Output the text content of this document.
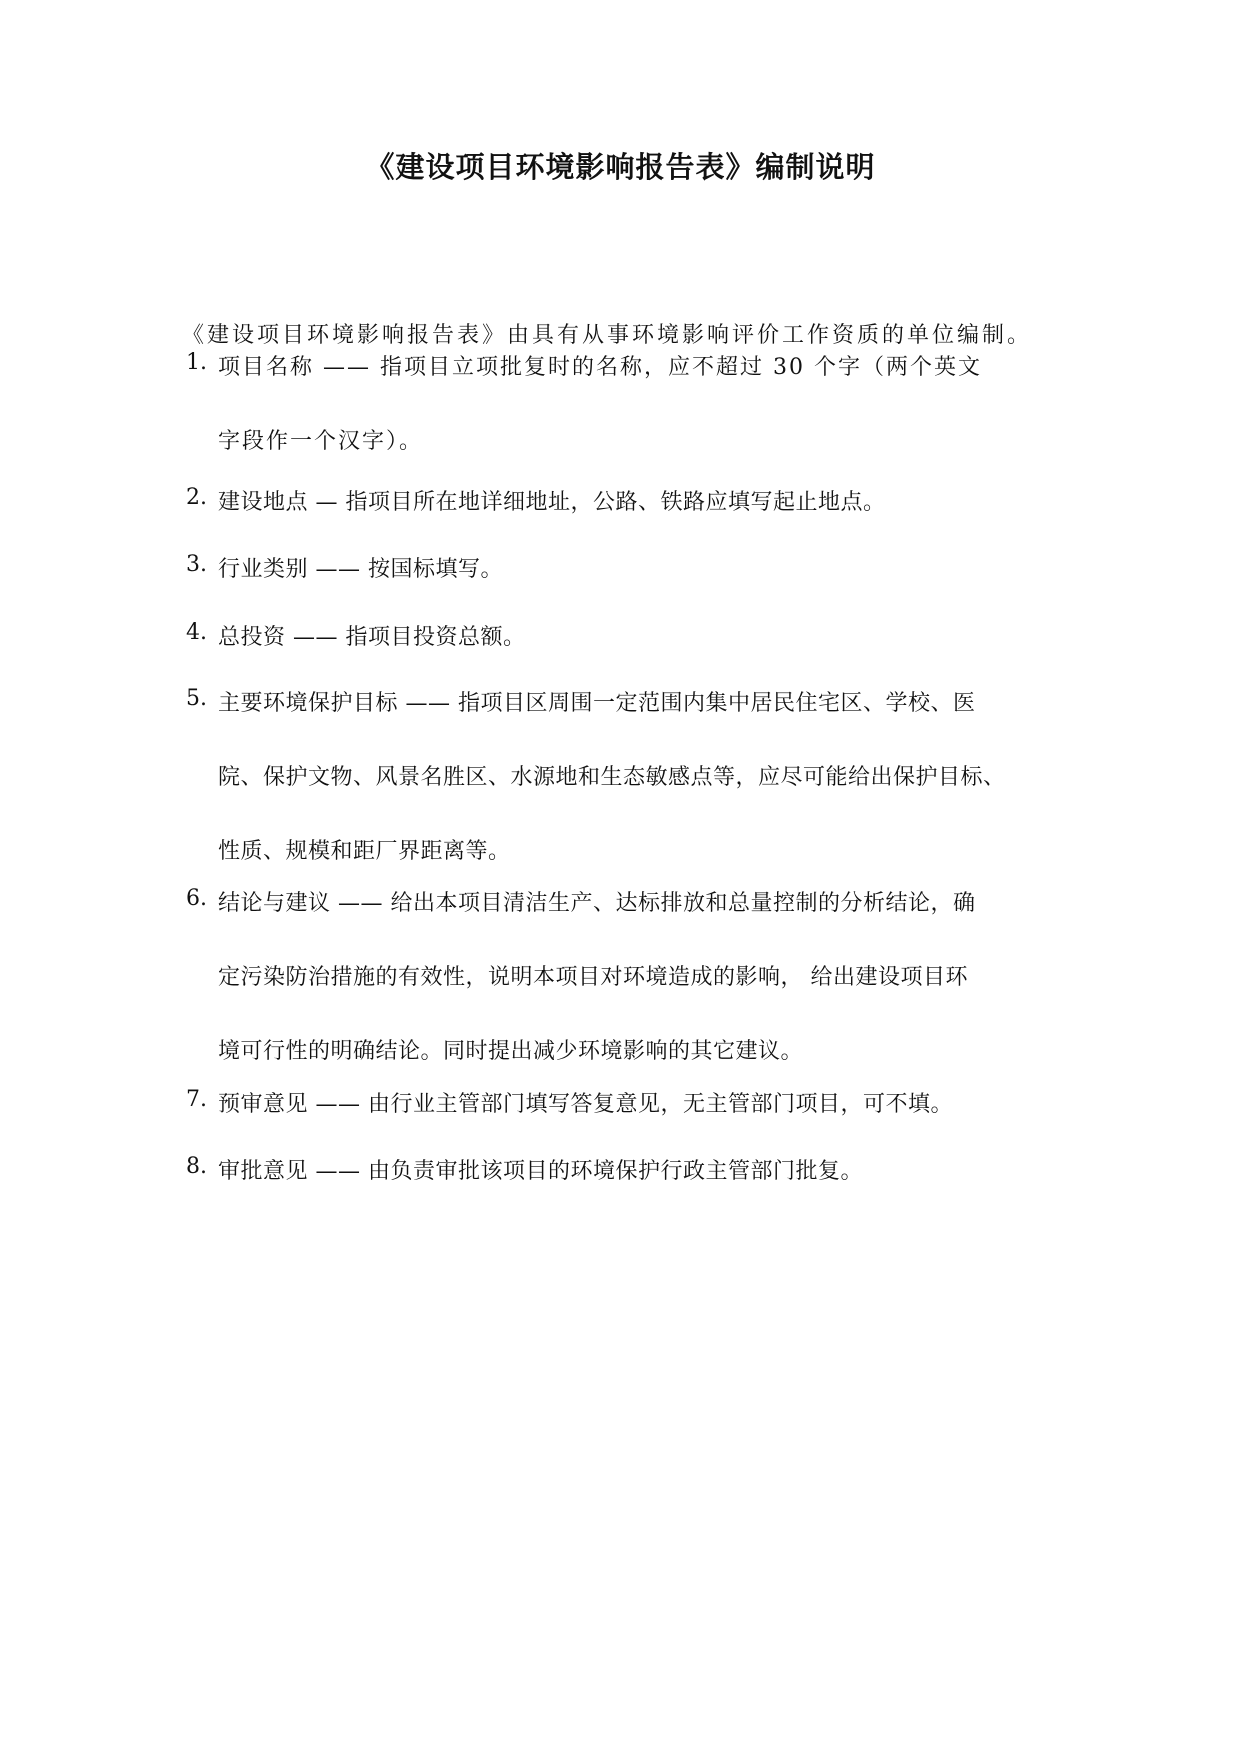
《建设项目环境影响报告表》编制说明
《建设项目环境影响报告表》由具有从事环境影响评价工作资质的单位编制。
1. 项目名称 —— 指项目立项批复时的名称，应不超过 30 个字（两个英文
字段作一个汉字）。
2. 建设地点 — 指项目所在地详细地址，公路、铁路应填写起止地点。
3. 行业类别 —— 按国标填写。
4. 总投资 —— 指项目投资总额。
5. 主要环境保护目标 —— 指项目区周围一定范围内集中居民住宅区、学校、医
院、保护文物、风景名胜区、水源地和生态敏感点等，应尽可能给出保护目标、
性质、规模和距厂界距离等。
6. 结论与建议 —— 给出本项目清洁生产、达标排放和总量控制的分析结论，确
定污染防治措施的有效性，说明本项目对环境造成的影响， 给出建设项目环
境可行性的明确结论。同时提出减少环境影响的其它建议。
7. 预审意见 —— 由行业主管部门填写答复意见，无主管部门项目，可不填。
8. 审批意见 —— 由负责审批该项目的环境保护行政主管部门批复。
